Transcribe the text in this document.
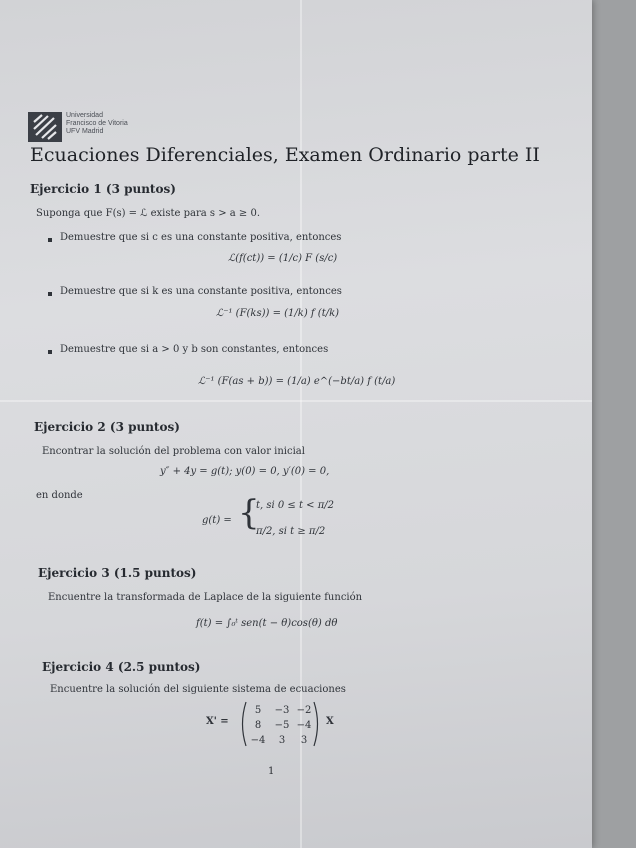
Universidad
Francisco de Vitoria
UFV Madrid
Ecuaciones Diferenciales, Examen Ordinario parte II
Ejercicio 1 (3 puntos)
Suponga que F(s) = ℒ existe para s > a ≥ 0.
Demuestre que si c es una constante positiva, entonces
ℒ(f(ct)) = (1/c) F (s/c)
Demuestre que si k es una constante positiva, entonces
ℒ⁻¹ (F(ks)) = (1/k) f (t/k)
Demuestre que si a > 0 y b son constantes, entonces
ℒ⁻¹ (F(as + b)) = (1/a) e^(−bt/a) f (t/a)
Ejercicio 2 (3 puntos)
Encontrar la solución del problema con valor inicial
y″ + 4y = g(t); y(0) = 0, y′(0) = 0,
en donde
g(t) = {
t, si 0 ≤ t < π/2
π/2, si t ≥ π/2
Ejercicio 3 (1.5 puntos)
Encuentre la transformada de Laplace de la siguiente función
f(t) = ∫₀ᵗ sen(t − θ)cos(θ) dθ
Ejercicio 4 (2.5 puntos)
Encuentre la solución del siguiente sistema de ecuaciones
X' =
5 −3 −2
8 −5 −4
−4 3 3
X
1
